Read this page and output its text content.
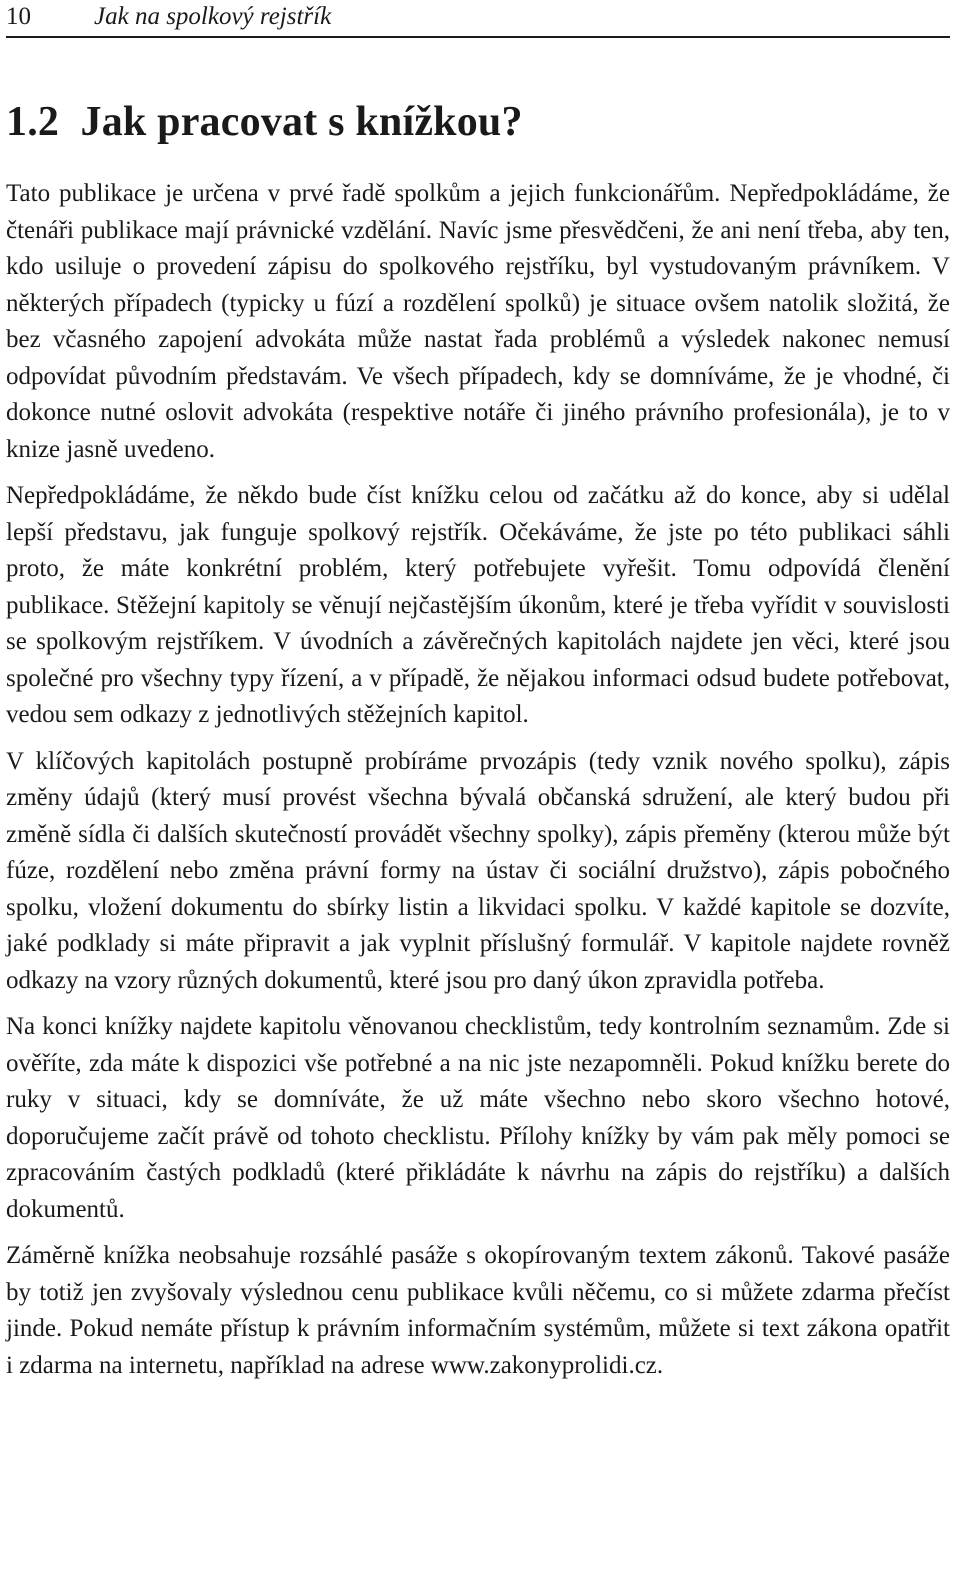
10	Jak na spolkový rejstřík
1.2  Jak pracovat s knížkou?

Tato publikace je určena v prvé řadě spolkům a jejich funkcionářům. Nepředpokládáme, že čtenáři publikace mají právnické vzdělání. Navíc jsme přesvědčeni, že ani není třeba, aby ten, kdo usiluje o provedení zápisu do spolkového rejstříku, byl vystudovaným právníkem. V některých případech (typicky u fúzí a rozdělení spolků) je situace ovšem natolik složitá, že bez včasného zapojení advokáta může nastat řada problémů a výsledek nakonec nemusí odpovídat původním představám. Ve všech případech, kdy se domníváme, že je vhodné, či dokonce nutné oslovit advokáta (respektive notáře či jiného právního profesionála), je to v knize jasně uvedeno.

Nepředpokládáme, že někdo bude číst knížku celou od začátku až do konce, aby si udělal lepší představu, jak funguje spolkový rejstřík. Očekáváme, že jste po této publikaci sáhli proto, že máte konkrétní problém, který potřebujete vyřešit. Tomu odpovídá členění publikace. Stěžejní kapitoly se věnují nejčastějším úkonům, které je třeba vyřídit v souvislosti se spolkovým rejstříkem. V úvodních a závěrečných kapitolách najdete jen věci, které jsou společné pro všechny typy řízení, a v případě, že nějakou informaci odsud budete potřebovat, vedou sem odkazy z jednotlivých stěžejních kapitol.

V klíčových kapitolách postupně probíráme prvozápis (tedy vznik nového spolku), zápis změny údajů (který musí provést všechna bývalá občanská sdružení, ale který budou při změně sídla či dalších skutečností provádět všechny spolky), zápis přeměny (kterou může být fúze, rozdělení nebo změna právní formy na ústav či sociální družstvo), zápis pobočného spolku, vložení dokumentu do sbírky listin a likvidaci spolku. V každé kapitole se dozvíte, jaké podklady si máte připravit a jak vyplnit příslušný formulář. V kapitole najdete rovněž odkazy na vzory různých dokumentů, které jsou pro daný úkon zpravidla potřeba.

Na konci knížky najdete kapitolu věnovanou checklistům, tedy kontrolním seznamům. Zde si ověříte, zda máte k dispozici vše potřebné a na nic jste nezapomněli. Pokud knížku berete do ruky v situaci, kdy se domníváte, že už máte všechno nebo skoro všechno hotové, doporučujeme začít právě od tohoto checklistu. Přílohy knížky by vám pak měly pomoci se zpracováním častých podkladů (které přikládáte k návrhu na zápis do rejstříku) a dalších dokumentů.

Záměrně knížka neobsahuje rozsáhlé pasáže s okopírovaným textem zákonů. Takové pasáže by totiž jen zvyšovaly výslednou cenu publikace kvůli něčemu, co si můžete zdarma přečíst jinde. Pokud nemáte přístup k právním informačním systémům, můžete si text zákona opatřit i zdarma na internetu, například na adrese www.zakonyprolidi.cz.
